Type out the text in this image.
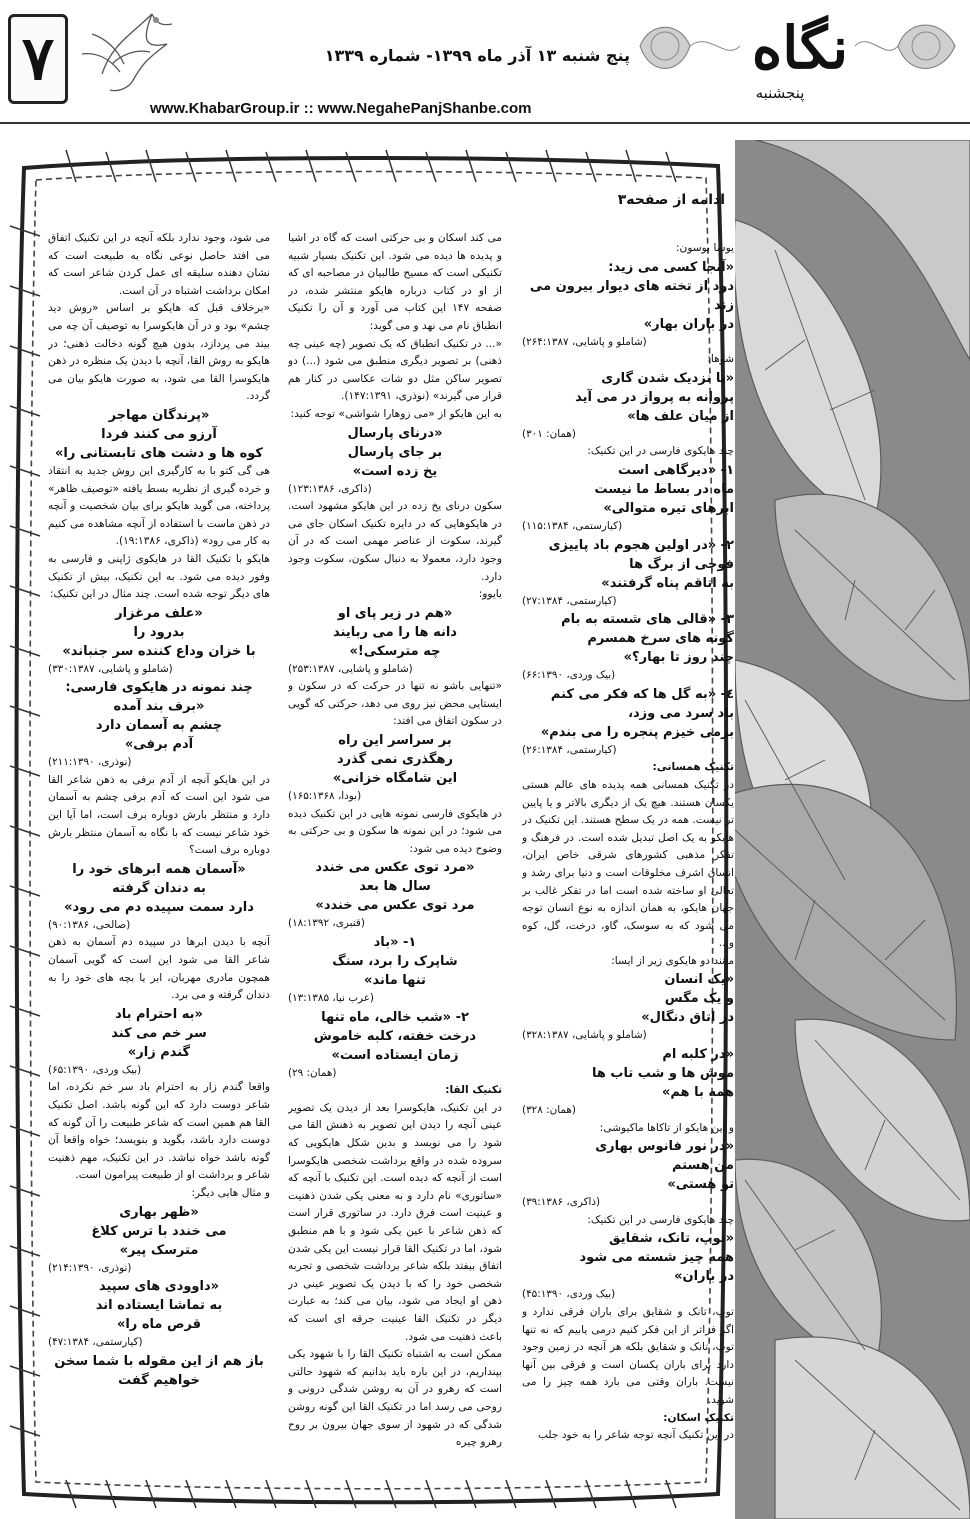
۷	نگاه
پنجشنبه
پنج شنبه ۱۳ آذر ماه ۱۳۹۹- شماره ۱۳۳۹
www.KhabarGroup.ir :: www.NegahePanjShanbe.com
ادامه از صفحه۳

یوسا بوسون:

«آنجا کسی می زید:

دود از تخته های دیوار بیرون می زند

در باران بهار»

(شاملو و پاشایی، ۲۶۴:۱۳۸۷)

شوها:

«با نزدیک شدن گاری

پروانه به پرواز در می آید

از میان علف ها»

(همان: ۳۰۱)

چند هایکوی فارسی در این تکنیک:

۱- «دیرگاهی است

ماه در بساط ما نیست

ابرهای تیره متوالی»

(کیارستمی، ۱۱۵:۱۳۸۴)

۲- «در اولین هجوم باد پاییزی

فوجی از برگ ها

به اتاقم پناه گرفتند»

(کیارستمی، ۲۷:۱۳۸۴)

۳- «قالی های شسته به بام

گونه های سرخ همسرم

چند روز تا بهار؟»

(بیک وردی، ۶۶:۱۳۹۰)

٤- «به گل ها که فکر می کنم

باد سرد می وزد،

برمی خیزم پنجره را می بندم»

(کیارستمی، ۲۶:۱۳۸۴)

تکنیک همسانی:

در تکنیک همسانی همه پدیده های عالم هستی یکسان هستند. هیچ یک از دیگری بالاتر و یا پایین تر نیست. همه در یک سطح هستند. این تکنیک در هایکو به یک اصل تبدیل شده است. در فرهنگ و تفکر مذهبی کشورهای شرقی خاص ایران، انسان اشرف مخلوقات است و دنیا برای رشد و تعالی او ساخته شده است اما در تفکر غالب بر جهان هایکو، به همان اندازه به نوع انسان توجه می شود که به سوسک، گاو، درخت، گل، کوه و...

مانند دو هایکوی زیر از ایسا:

«یک انسان

و یک مگس

در اتاق دنگال»

(شاملو و پاشایی، ۳۲۸:۱۳۸۷)

«در کلبه ام

موش ها و شب تاب ها

همه با هم»

(همان: ۳۲۸)

و این هایکو از تاکاها ماکیوشی:

«در نور فانوس بهاری

من هستم

تو هستی»

(ذاکری، ۳۹:۱۳۸۶)

چند هایکوی فارسی در این تکنیک:

«توپ، تانک، شقایق

همه چیز شسته می شود

در باران»

(بیک وردی، ۴۵:۱۳۹۰)

توپ، تانک و شقایق برای باران فرقی ندارد و اگر فراتر از این فکر کنیم درمی یابیم که نه تنها توپ، تانک و شقایق بلکه هر آنچه در زمین وجود دارد برای باران یکسان است و فرقی بین آنها نیست. باران وقتی می بارد همه چیز را می شوید.

تکنیک اسکان:

در این تکنیک آنچه توجه شاعر را به خود جلب

می کند اسکان و بی حرکتی است که گاه در اشیا و پدیده ها دیده می شود. این تکنیک بسیار شبیه تکنیکی است که مسیح طالبیان در مصاحبه ای که از او در کتاب درباره هایکو منتشر شده، در صفحه ۱۴۷ این کتاب می آورد و آن را تکنیک انطباق نام می نهد و می گوید:

«... در تکنیک انطباق که یک تصویر (چه عینی چه ذهنی) بر تصویر دیگری منطبق می شود (...) دو تصویر ساکن مثل دو شات عکاسی در کنار هم قرار می گیرند» (نوذری، ۱۴۷:۱۳۹۱).

به این هایکو از «می زوهارا شواشی» توجه کنید:

«درنای پارسال

بر جای پارسال

یخ زده است»

(ذاکری، ۱۲۳:۱۳۸۶)

سکون درنای یخ زده در این هایکو مشهود است. در هایکوهایی که در دایره تکنیک اسکان جای می گیرند، سکوت از عناصر مهمی است که در آن وجود دارد، معمولا به دنبال سکون، سکوت وجود دارد.

یایوو:

«هم در زیر پای او

دانه ها را می ربایند

چه مترسکی!»

(شاملو و پاشایی، ۲۵۳:۱۳۸۷)

«تنهایی باشو نه تنها در حرکت که در سکون و ایستایی محض نیز روی می دهد، حرکتی که گویی در سکون اتفاق می افتد:

بر سراسر این راه

رهگذری نمی گذرد

این شامگاه خزانی»

(بودا، ۱۶۵:۱۳۶۸)

در هایکوی فارسی نمونه هایی در این تکنیک دیده می شود؛ در این نمونه ها سکون و بی حرکتی به وضوح دیده می شود:

«مرد توی عکس می خندد

سال ها بعد

مرد توی عکس می خندد»

(قنبری، ۱۸:۱۳۹۲)

۱- «باد

شاپرک را برد، سنگ

تنها ماند»

(عرب نیا، ۱۳:۱۳۸۵)

۲- «شب خالی، ماه تنها

درخت خفته، کلبه خاموش

زمان ایستاده است»

(همان: ۲۹)

تکنیک القا:

در این تکنیک، هایکوسرا بعد از دیدن یک تصویر عینی آنچه را دیدن این تصویر به ذهنش القا می شود را می نویسد و بدین شکل هایکویی که سروده شده در واقع برداشت شخصی هایکوسرا است از آنچه که دیده است. این تکنیک با آنچه که «ساتوری» نام دارد و به معنی یکی شدن ذهنیت و عینیت است فرق دارد. در ساتوری قرار است که ذهن شاعر با عین یکی شود و با هم منطبق شود، اما در تکنیک القا قرار نیست این یکی شدن اتفاق بیفتد بلکه شاعر برداشت شخصی و تجربه شخصی خود را که با دیدن یک تصویر عینی در ذهن او ایجاد می شود، بیان می کند؛ به عبارت دیگر در تکنیک القا عینیت جرقه ای است که باعث ذهنیت می شود.

ممکن است به اشتباه تکنیک القا را با شهود یکی بپنداریم، در این باره باید بدانیم که شهود حالتی است که رهرو در آن به روشن شدگی درونی و روحی می رسد اما در تکنیک القا این گونه روشن شدگی که در شهود از سوی جهان بیرون بر روح رهرو چیره

می شود، وجود ندارد بلکه آنچه در این تکنیک اتفاق می افتد حاصل نوعی نگاه به طبیعت است که نشان دهنده سلیقه ای عمل کردن شاعر است که امکان برداشت اشتباه در آن است.

«برخلاف قبل که هایکو بر اساس «روش دید چشم» بود و در آن هایکوسرا به توصیف آن چه می بیند می پردازد، بدون هیچ گونه دخالت ذهنی؛ در هایکو به روش القا، آنچه با دیدن یک منظره در ذهن هایکوسرا القا می شود، به صورت هایکو بیان می گردد.

«پرندگان مهاجر

آرزو می کنند فردا

کوه ها و دشت های تابستانی را»

هی گی کتو با به کارگیری این روش جدید به انتقاد و خرده گیری از نظریه بسط یافته «توصیف ظاهر» پرداخته، می گوید هایکو برای بیان شخصیت و آنچه در ذهن ماست با استفاده از آنچه مشاهده می کنیم به کار می رود» (ذاکری، ۱۹:۱۳۸۶).

هایکو با تکنیک القا در هایکوی ژاپنی و فارسی به وفور دیده می شود. به این تکنیک، بیش از تکنیک های دیگر توجه شده است. چند مثال در این تکنیک:

«علف مرغزار

بدرود را

با خزان وداع کننده سر جنباند»

(شاملو و پاشایی، ۳۳۰:۱۳۸۷)

چند نمونه در هایکوی فارسی:

«برف بند آمده

چشم به آسمان دارد

آدم برفی»

(نوذری، ۲۱۱:۱۳۹۰)

در این هایکو آنچه از آدم برفی به ذهن شاعر القا می شود این است که آدم برفی چشم به آسمان دارد و منتظر بارش دوباره برف است، اما آیا این خود شاعر نیست که با نگاه به آسمان منتظر بارش دوباره برف است؟

«آسمان همه ابرهای خود را

به دندان گرفته

دارد سمت سپیده دم می رود»

(صالحی، ۹۰:۱۳۸۶)

آنچه با دیدن ابرها در سپیده دم آسمان به ذهن شاعر القا می شود این است که گویی آسمان همچون مادری مهربان، ابر یا بچه های خود را به دندان گرفته و می برد.

«به احترام باد

سر خم می کند

گندم زار»

(بیک وردی، ۶۵:۱۳۹۰)

واقعا گندم زار به احترام باد سر خم نکرده، اما شاعر دوست دارد که این گونه باشد. اصل تکنیک القا هم همین است که شاعر طبیعت را آن گونه که دوست دارد باشد، بگوید و بنویسد؛ خواه واقعا آن گونه باشد خواه نباشد. در این تکنیک، مهم ذهنیت شاعر و برداشت او از طبیعت پیرامون است.

و مثال هایی دیگر:

«ظهر بهاری

می خندد با ترس کلاغ

مترسک پیر»

(نوذری، ۲۱۴:۱۳۹۰)

«داوودی های سپید

به تماشا ایستاده اند

قرص ماه را»

(کیارستمی، ۴۷:۱۳۸۴)

باز هم از این مقوله با شما سخن

خواهیم گفت
